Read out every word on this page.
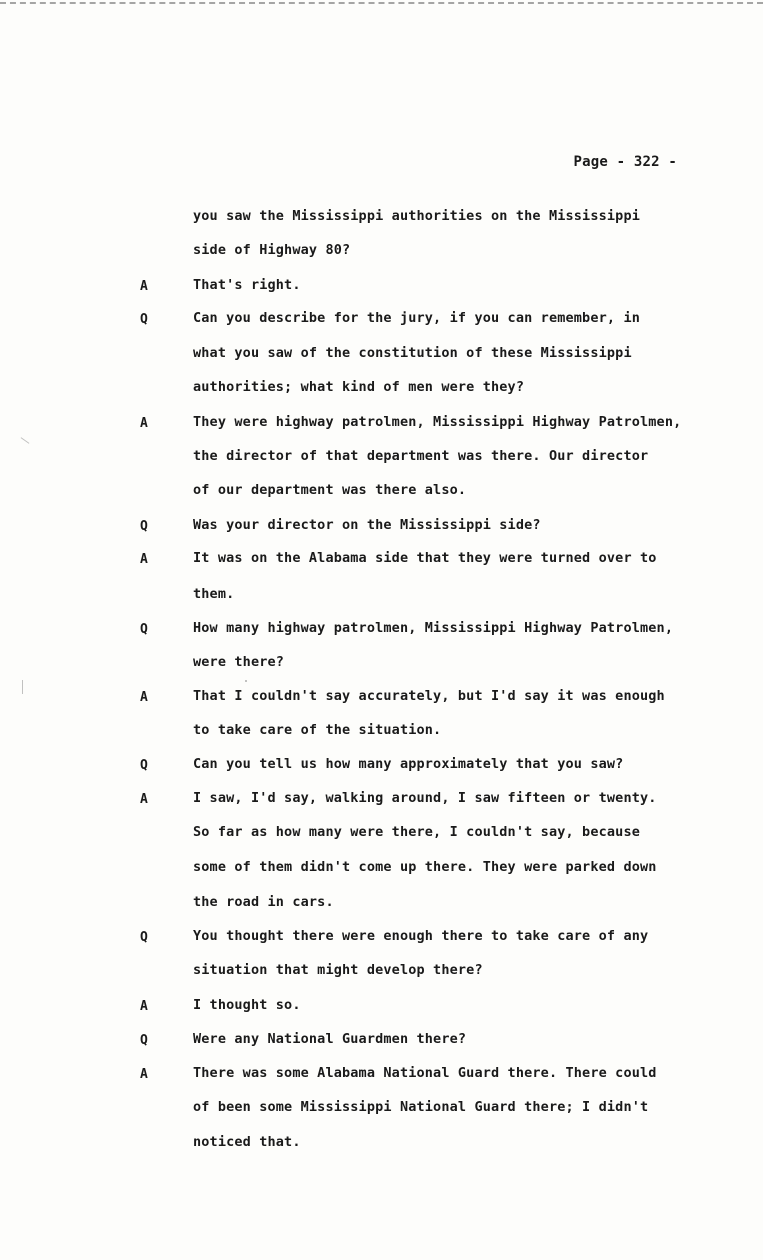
Page - 322 -
you saw the Mississippi authorities on the Mississippi
side of Highway 80?
A	That's right.
Q	Can you describe for the jury, if you can remember, in
what you saw of the constitution of these Mississippi
authorities; what kind of men were they?
A	They were highway patrolmen, Mississippi Highway Patrolmen,
the director of that department was there. Our director
of our department was there also.
Q	Was your director on the Mississippi side?
A	It was on the Alabama side that they were turned over to
them.
Q	How many highway patrolmen, Mississippi Highway Patrolmen,
were there?
A	That I couldn't say accurately, but I'd say it was enough
to take care of the situation.
Q	Can you tell us how many approximately that you saw?
A	I saw, I'd say, walking around, I saw fifteen or twenty.
So far as how many were there, I couldn't say, because
some of them didn't come up there. They were parked down
the road in cars.
Q	You thought there were enough there to take care of any
situation that might develop there?
A	I thought so.
Q	Were any National Guardmen there?
A	There was some Alabama National Guard there. There could
of been some Mississippi National Guard there; I didn't
noticed that.
